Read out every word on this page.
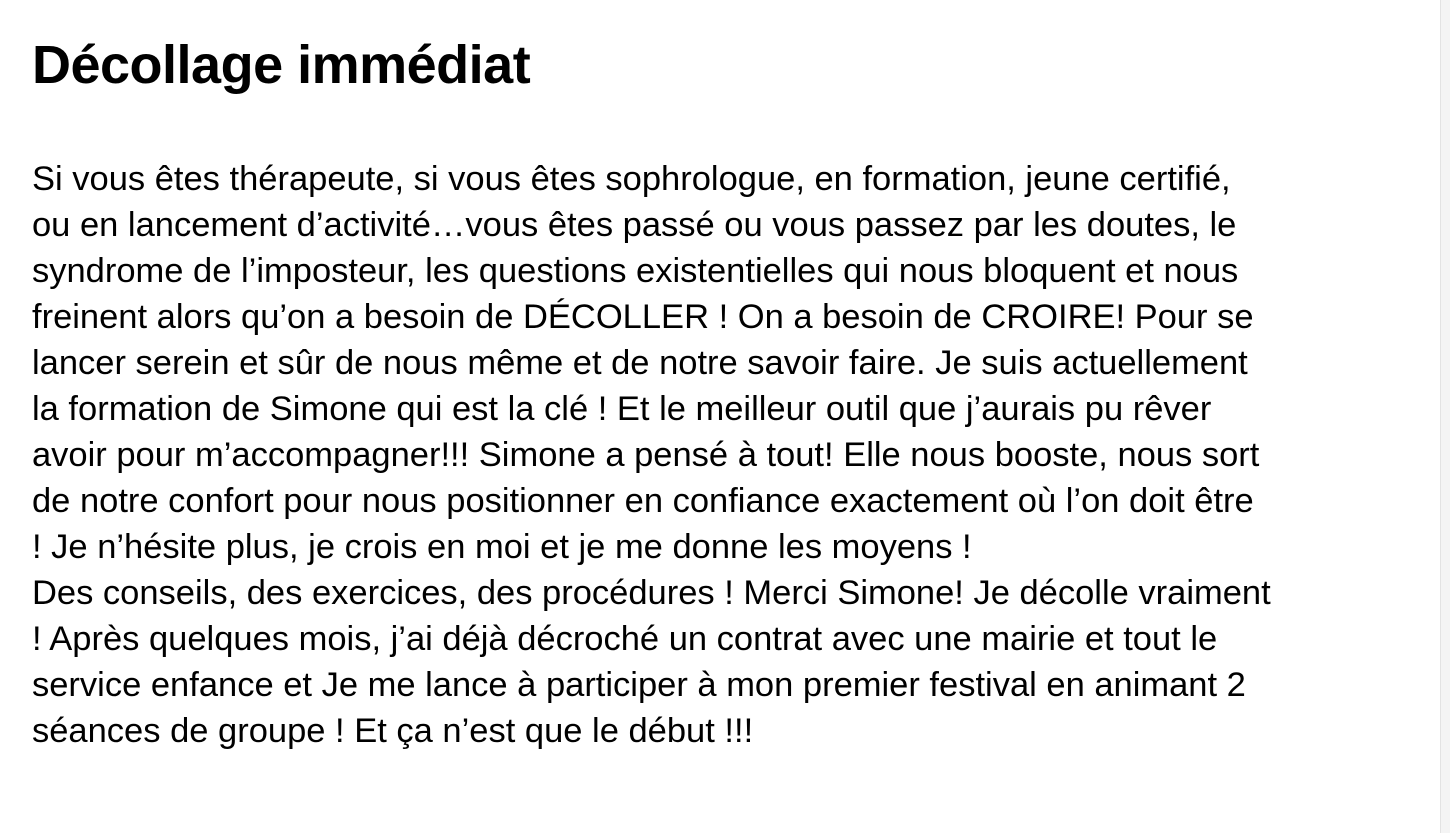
Décollage immédiat
Si vous êtes thérapeute, si vous êtes sophrologue, en formation, jeune certifié,
ou en lancement d’activité…vous êtes passé ou vous passez par les doutes, le
syndrome de l’imposteur, les questions existentielles qui nous bloquent et nous
freinent alors qu’on a besoin de DÉCOLLER ! On a besoin de CROIRE! Pour se
lancer serein et sûr de nous même et de notre savoir faire. Je suis actuellement
la formation de Simone qui est la clé ! Et le meilleur outil que j’aurais pu rêver
avoir pour m’accompagner!!! Simone a pensé à tout! Elle nous booste, nous sort
de notre confort pour nous positionner en confiance exactement où l’on doit être
! Je n’hésite plus, je crois en moi et je me donne les moyens !
Des conseils, des exercices, des procédures ! Merci Simone! Je décolle vraiment
! Après quelques mois, j’ai déjà décroché un contrat avec une mairie et tout le
service enfance et Je me lance à participer à mon premier festival en animant 2
séances de groupe ! Et ça n’est que le début !!!
